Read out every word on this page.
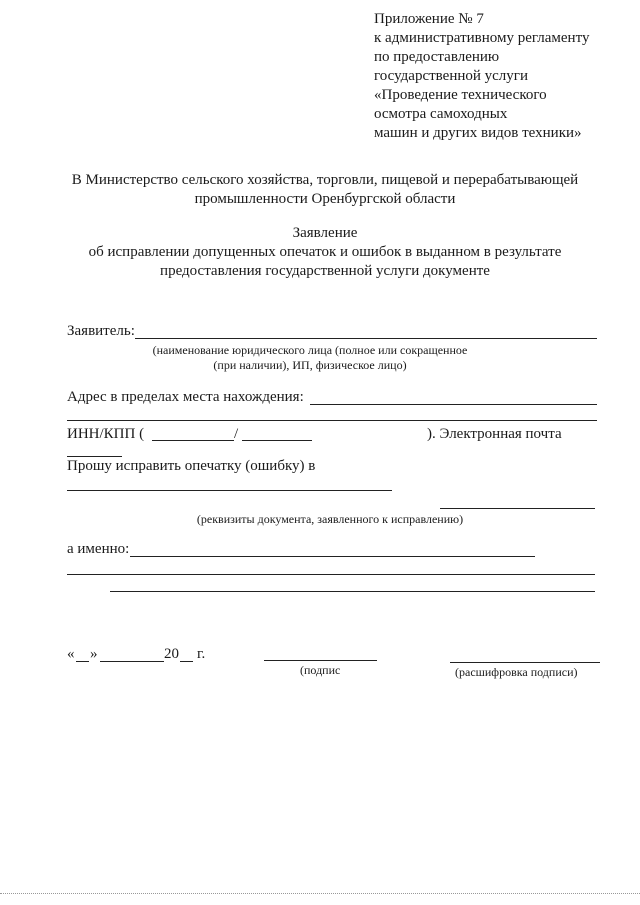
Приложение № 7
к административному регламенту
по предоставлению
государственной услуги
«Проведение технического
осмотра самоходных
машин и других видов техники»
В Министерство сельского хозяйства, торговли, пищевой и перерабатывающей
промышленности Оренбургской области
Заявление
об исправлении допущенных опечаток и ошибок в выданном в результате
предоставления государственной услуги документе
Заявитель:
(наименование юридического лица (полное или сокращенное
(при наличии), ИП, физическое лицо)
Адрес в пределах места нахождения:
ИНН/КПП (	/	). Электронная почта
Прошу исправить опечатку (ошибку) в
(реквизиты документа, заявленного к исправлению)
а именно:
« »	20 г.
(подпис	(расшифровка подписи)
